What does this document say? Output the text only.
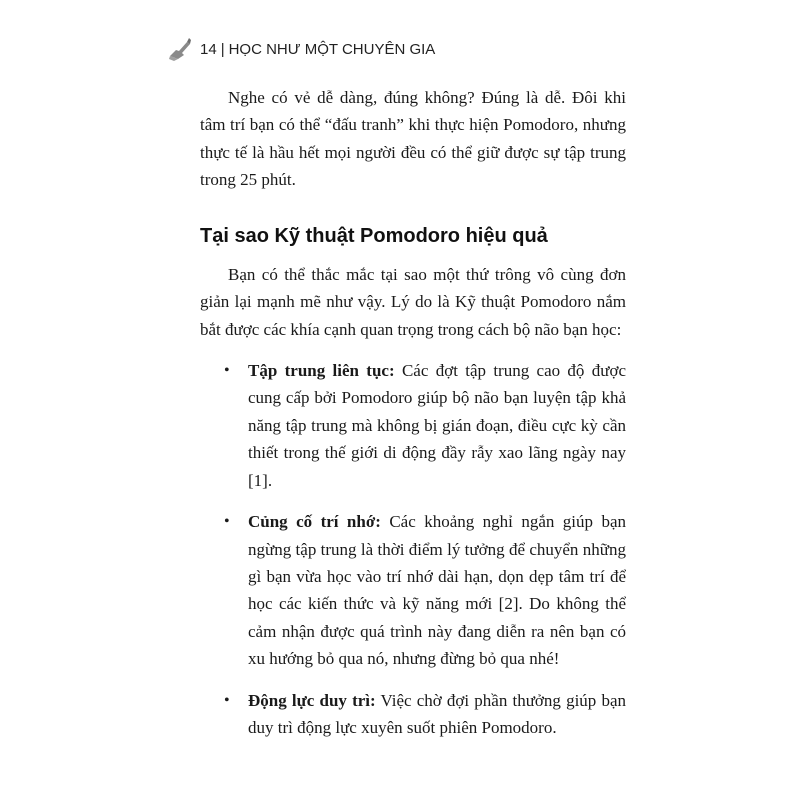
14 | HỌC NHƯ MỘT CHUYÊN GIA

Nghe có vẻ dễ dàng, đúng không? Đúng là dễ. Đôi khi tâm trí bạn có thể “đấu tranh” khi thực hiện Pomodoro, nhưng thực tế là hầu hết mọi người đều có thể giữ được sự tập trung trong 25 phút.

Tại sao Kỹ thuật Pomodoro hiệu quả

Bạn có thể thắc mắc tại sao một thứ trông vô cùng đơn giản lại mạnh mẽ như vậy. Lý do là Kỹ thuật Pomodoro nắm bắt được các khía cạnh quan trọng trong cách bộ não bạn học:

• Tập trung liên tục: Các đợt tập trung cao độ được cung cấp bởi Pomodoro giúp bộ não bạn luyện tập khả năng tập trung mà không bị gián đoạn, điều cực kỳ cần thiết trong thế giới di động đầy rẫy xao lãng ngày nay [1].
• Củng cố trí nhớ: Các khoảng nghỉ ngắn giúp bạn ngừng tập trung là thời điểm lý tưởng để chuyển những gì bạn vừa học vào trí nhớ dài hạn, dọn dẹp tâm trí để học các kiến thức và kỹ năng mới [2]. Do không thể cảm nhận được quá trình này đang diễn ra nên bạn có xu hướng bỏ qua nó, nhưng đừng bỏ qua nhé!
• Động lực duy trì: Việc chờ đợi phần thưởng giúp bạn duy trì động lực xuyên suốt phiên Pomodoro.
